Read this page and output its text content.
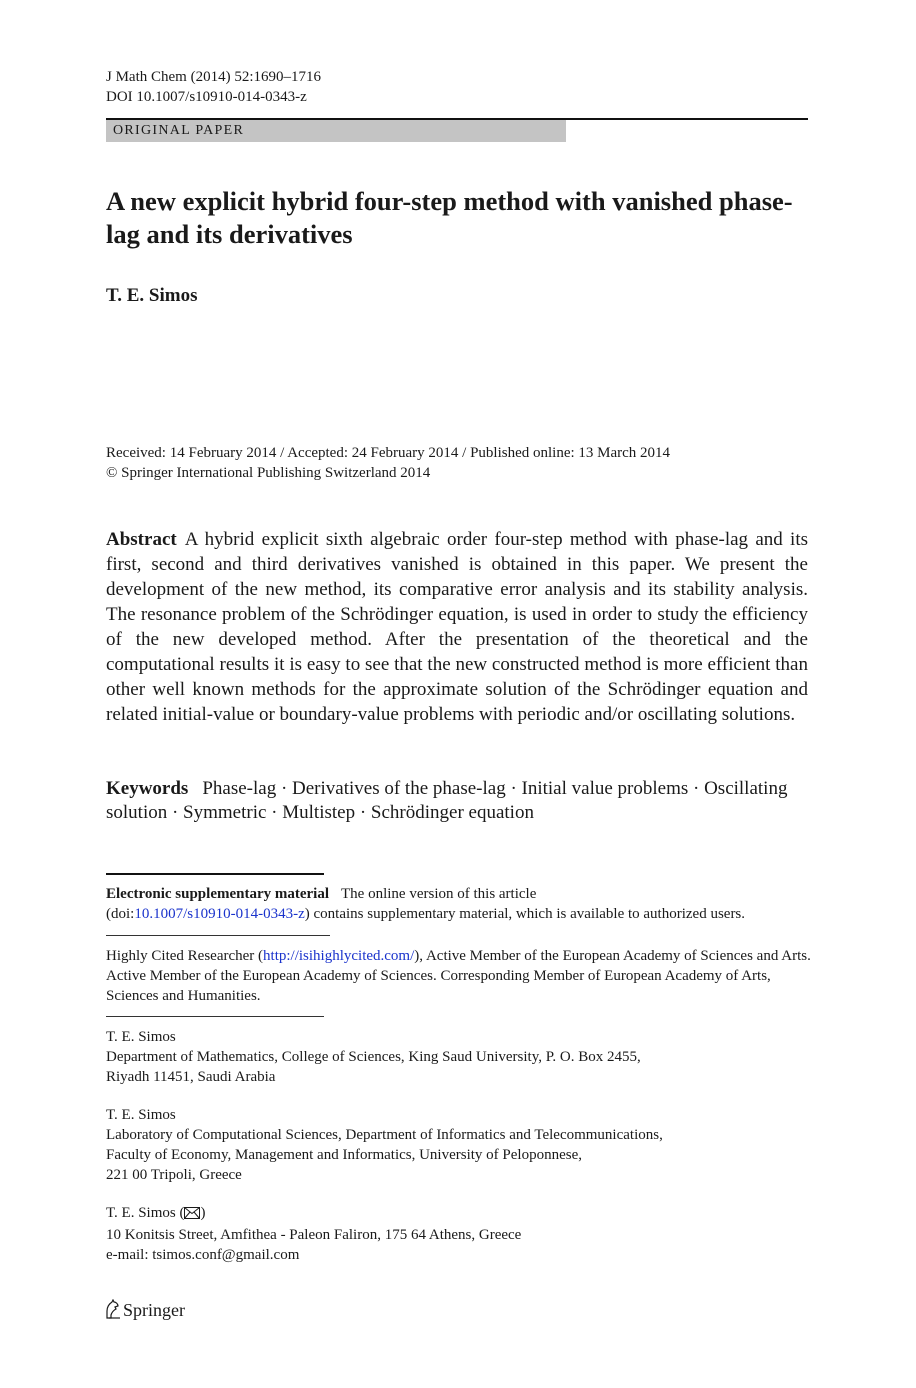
J Math Chem (2014) 52:1690–1716
DOI 10.1007/s10910-014-0343-z
ORIGINAL PAPER
A new explicit hybrid four-step method with vanished phase-lag and its derivatives
T. E. Simos
Received: 14 February 2014 / Accepted: 24 February 2014 / Published online: 13 March 2014
© Springer International Publishing Switzerland 2014

Abstract A hybrid explicit sixth algebraic order four-step method with phase-lag and its first, second and third derivatives vanished is obtained in this paper. We present the development of the new method, its comparative error analysis and its stability analysis. The resonance problem of the Schrödinger equation, is used in order to study the efficiency of the new developed method. After the presentation of the theoretical and the computational results it is easy to see that the new constructed method is more efficient than other well known methods for the approximate solution of the Schrödinger equation and related initial-value or boundary-value problems with periodic and/or oscillating solutions.

Keywords Phase-lag · Derivatives of the phase-lag · Initial value problems · Oscillating solution · Symmetric · Multistep · Schrödinger equation

Electronic supplementary material The online version of this article
(doi:10.1007/s10910-014-0343-z) contains supplementary material, which is available to authorized users.

Highly Cited Researcher (http://isihighlycited.com/), Active Member of the European Academy of Sciences and Arts. Active Member of the European Academy of Sciences. Corresponding Member of European Academy of Arts, Sciences and Humanities.

T. E. Simos
Department of Mathematics, College of Sciences, King Saud University, P. O. Box 2455,
Riyadh 11451, Saudi Arabia
T. E. Simos
Laboratory of Computational Sciences, Department of Informatics and Telecommunications,
Faculty of Economy, Management and Informatics, University of Peloponnese,
221 00 Tripoli, Greece
T. E. Simos ( )
10 Konitsis Street, Amfithea - Paleon Faliron, 175 64 Athens, Greece
e-mail: tsimos.conf@gmail.com
Springer
